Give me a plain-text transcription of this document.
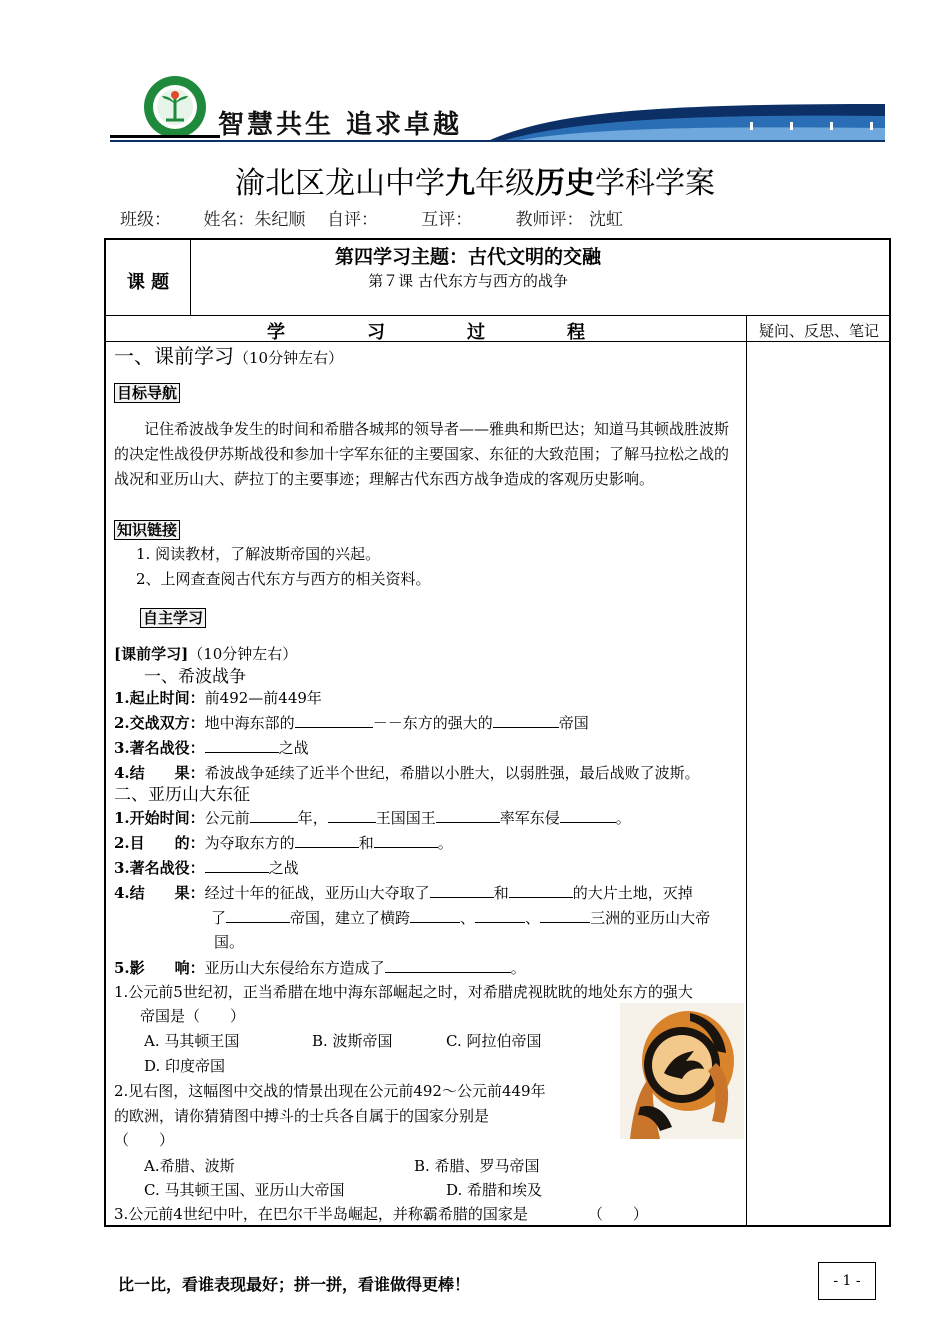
智慧共生 追求卓越
渝北区龙山中学九年级历史学科学案
班级： 姓名：朱纪顺 自评：	互评：	教师评： 沈虹
课 题
第四学习主题：古代文明的交融
第７课 古代东方与西方的战争
学	习	过	程	疑问、反思、笔记
一、课前学习（10分钟左右）
目标导航
记住希波战争发生的时间和希腊各城邦的领导者——雅典和斯巴达；知道马其顿战胜波斯的决定性战役伊苏斯战役和参加十字军东征的主要国家、东征的大致范围；了解马拉松之战的战况和亚历山大、萨拉丁的主要事迹；理解古代东西方战争造成的客观历史影响。
知识链接
1. 阅读教材，了解波斯帝国的兴起。
2、上网查查阅古代东方与西方的相关资料。
自主学习
[课前学习]（10分钟左右）
一、希波战争
1.起止时间：前492—前449年
2.交战双方：地中海东部的	－－东方的强大的	帝国
3.著名战役：	之战
4.结　　果：希波战争延续了近半个世纪，希腊以小胜大，以弱胜强，最后战败了波斯。
二、亚历山大东征
1.开始时间：公元前	年，	王国国王	率军东侵	。
2.目　　的：为夺取东方的	和	。
3.著名战役：	之战
4.结　　果：经过十年的征战，亚历山大夺取了	和	的大片土地，灭掉
了	帝国，建立了横跨	、	、	三洲的亚历山大帝
国。
5.影　　响：亚历山大东侵给东方造成了	。
1.公元前5世纪初，正当希腊在地中海东部崛起之时，对希腊虎视眈眈的地处东方的强大
帝国是（　　）
A. 马其顿王国	B. 波斯帝国	C. 阿拉伯帝国
D. 印度帝国
2.见右图，这幅图中交战的情景出现在公元前492～公元前449年
的欧洲，请你猜猜图中搏斗的士兵各自属于的国家分别是
（　　）
A.希腊、波斯	B. 希腊、罗马帝国
C. 马其顿王国、亚历山大帝国	D. 希腊和埃及
3.公元前4世纪中叶，在巴尔干半岛崛起，并称霸希腊的国家是	（　　）
比一比，看谁表现最好；拼一拼，看谁做得更棒！	- 1 -
